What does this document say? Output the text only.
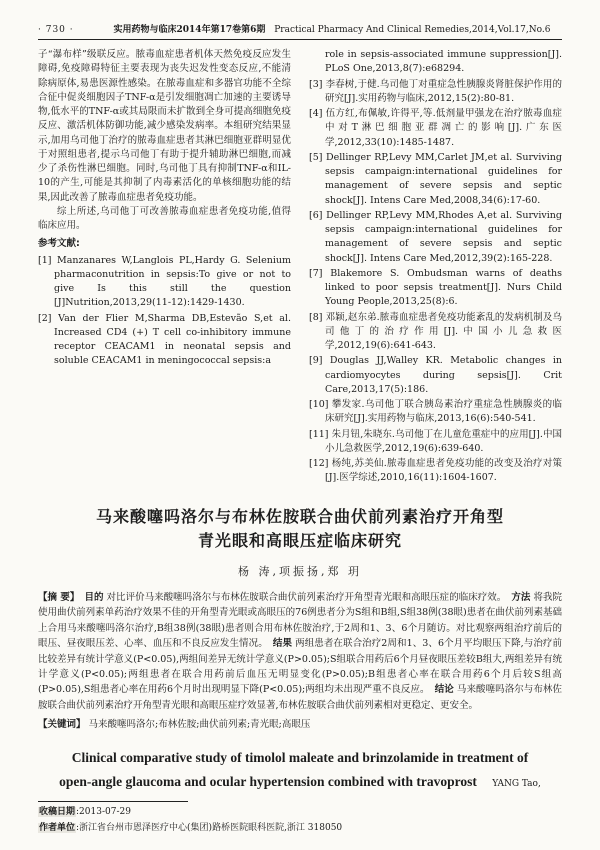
· 730 ·	实用药物与临床2014年第17卷第6期 Practical Pharmacy And Clinical Remedies,2014,Vol.17,No.6

子“瀑布样”级联反应。脓毒血症患者机体天然免疫反应发生障碍,免疫障碍特征主要表现为丧失迟发性变态反应,不能清除病原体,易患医源性感染。在脓毒血症和多器官功能不全综合征中促炎细胞因子TNF-α是引发细胞凋亡加速的主要诱导物,低水平的TNF-α或其局限而未扩散到全身可提高细胞免疫反应、激活机体防御功能,减少感染发病率。本组研究结果显示,加用乌司他丁治疗的脓毒血症患者其淋巴细胞亚群明显优于对照组患者,提示乌司他丁有助于提升辅助淋巴细胞,而减少了杀伤性淋巴细胞。同时,乌司他丁具有抑制TNF-α和IL-10的产生,可能是其抑制了内毒素活化的单核细胞功能的结果,因此改善了脓毒血症患者免疫功能。

综上所述,乌司他丁可改善脓毒血症患者免疫功能,值得临床应用。

参考文献:

[1] Manzanares W,Langlois PL,Hardy G. Selenium pharmaconutrition in sepsis:To give or not to give Is this still the question [J]Nutrition,2013,29(11-12):1429-1430.

[2] Van der Flier M,Sharma DB,Estevão S,et al. Increased CD4 (+) T cell co-inhibitory immune receptor CEACAM1 in neonatal sepsis and soluble CEACAM1 in meningococcal sepsis:a

role in sepsis-associated immune suppression[J]. PLoS One,2013,8(7):e68294.

[3] 李春树,于健.乌司他丁对重症急性胰腺炎肾脏保护作用的研究[J].实用药物与临床,2012,15(2):80-81.

[4] 伍方红,布佩敏,许得平,等.低剂量甲强龙在治疗脓毒血症中对T淋巴细胞亚群凋亡的影响[J].广东医学,2012,33(10):1485-1487.

[5] Dellinger RP,Levy MM,Carlet JM,et al. Surviving sepsis campaign:international guidelines for management of severe sepsis and septic shock[J]. Intens Care Med,2008,34(6):17-60.

[6] Dellinger RP,Levy MM,Rhodes A,et al. Surviving sepsis campaign:international guidelines for management of severe sepsis and septic shock[J]. Intens Care Med,2012,39(2):165-228.

[7] Blakemore S. Ombudsman warns of deaths linked to poor sepsis treatment[J]. Nurs Child Young People,2013,25(8):6.

[8] 邓颖,赵东弟.脓毒血症患者免疫功能紊乱的发病机制及乌司他丁的治疗作用[J].中国小儿急救医学,2012,19(6):641-643.

[9] Douglas JJ,Walley KR. Metabolic changes in cardiomyocytes during sepsis[J]. Crit Care,2013,17(5):186.

[10] 攀发家.乌司他丁联合胰岛素治疗重症急性胰腺炎的临床研究[J].实用药物与临床,2013,16(6):540-541.

[11] 朱月钮,朱晓东.乌司他丁在儿童危重症中的应用[J].中国小儿急救医学,2012,19(6):639-640.

[12] 杨纯,苏美仙.脓毒血症患者免疫功能的改变及治疗对策[J].医学综述,2010,16(11):1604-1607.

马来酸噻吗洛尔与布林佐胺联合曲伏前列素治疗开角型
青光眼和高眼压症临床研究

杨 涛,项振扬,郑 玥

【摘 要】 目的 对比评价马来酸噻吗洛尔与布林佐胺联合曲伏前列素治疗开角型青光眼和高眼压症的临床疗效。 方法 将我院使用曲伏前列素单药治疗效果不佳的开角型青光眼或高眼压的76例患者分为S组和B组,S组38例(38眼)患者在曲伏前列素基础上合用马来酸噻吗洛尔治疗,B组38例(38眼)患者则合用布林佐胺治疗,于2周和1、3、6个月随访。对比观察两组治疗前后的眼压、昼夜眼压差、心率、血压和不良反应发生情况。 结果 两组患者在联合治疗2周和1、3、6个月平均眼压下降,与治疗前比较差异有统计学意义(P<0.05),两组间差异无统计学意义(P>0.05);S组联合用药后6个月昼夜眼压差较B组大,两组差异有统计学意义(P<0.05);两组患者在联合用药前后血压无明显变化(P>0.05);B组患者心率在联合用药6个月后较S组高(P>0.05),S组患者心率在用药6个月时出现明显下降(P<0.05);两组均未出现严重不良反应。 结论 马来酸噻吗洛尔与布林佐胺联合曲伏前列素治疗开角型青光眼和高眼压症疗效显著,布林佐胺联合曲伏前列素相对更稳定、更安全。

【关键词】 马来酸噻吗洛尔;布林佐胺;曲伏前列素;青光眼;高眼压

Clinical comparative study of timolol maleate and brinzolamide in treatment of
open-angle glaucoma and ocular hypertension combined with travoprost YANG Tao,

收稿日期:2013-07-29

作者单位:浙江省台州市恩泽医疗中心(集团)路桥医院眼科医院,浙江 318050
